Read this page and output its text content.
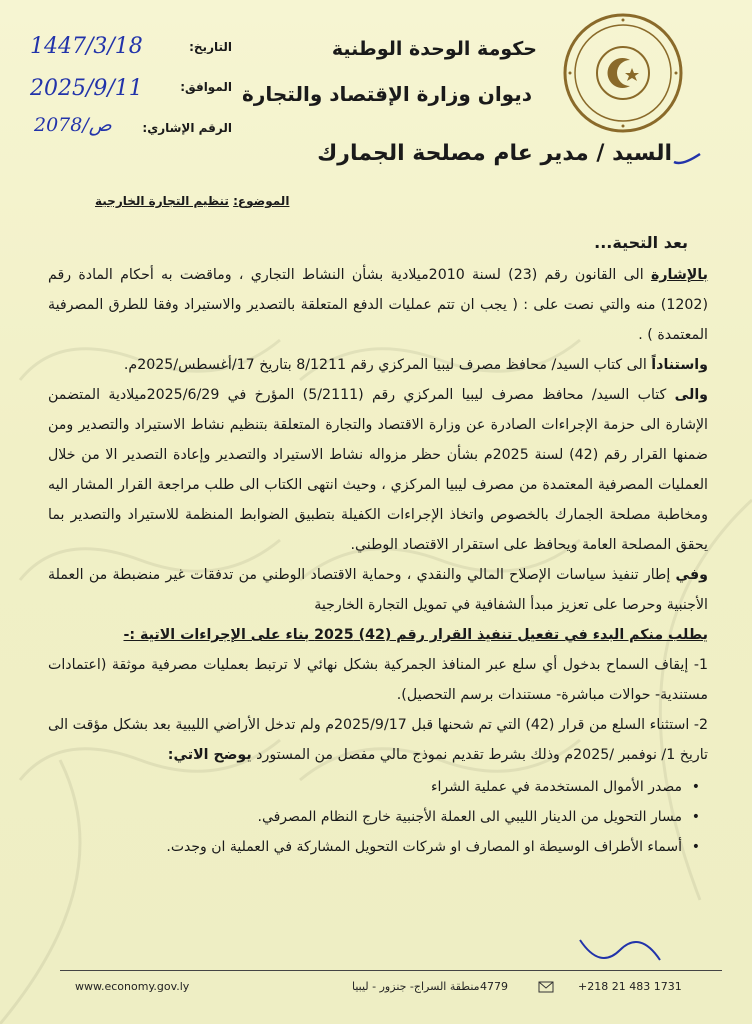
حكومة الوحدة الوطنية
ديوان وزارة الإقتصاد والتجارة
التاريخ:
الموافق:
الرقم الإشاري:
1447/3/18
2025/9/11
2078/ص
السيد / مدير عام مصلحة الجمارك
الموضوع: تنظيم التجارة الخارجية

بعد التحية...

بالإشارة الى القانون رقم (23) لسنة 2010ميلادية بشأن النشاط التجاري ، وماقضت به أحكام المادة رقم (1202) منه والتي نصت على : ( يجب ان تتم عمليات الدفع المتعلقة بالتصدير والاستيراد وفقا للطرق المصرفية المعتمدة ) .

واستناداً الى كتاب السيد/ محافظ مصرف ليبيا المركزي رقم 8/1211 بتاريخ 17/أغسطس/2025م.

والى كتاب السيد/ محافظ مصرف ليبيا المركزي رقم (5/2111) المؤرخ في 2025/6/29ميلادية المتضمن الإشارة الى حزمة الإجراءات الصادرة عن وزارة الاقتصاد والتجارة المتعلقة بتنظيم نشاط الاستيراد والتصدير ومن ضمنها القرار رقم (42) لسنة 2025م بشأن حظر مزواله نشاط الاستيراد والتصدير وإعادة التصدير الا من خلال العمليات المصرفية المعتمدة من مصرف ليبيا المركزي ، وحيث انتهى الكتاب الى طلب مراجعة القرار المشار اليه ومخاطبة مصلحة الجمارك بالخصوص واتخاذ الإجراءات الكفيلة بتطبيق الضوابط المنظمة للاستيراد والتصدير بما يحقق المصلحة العامة ويحافظ على استقرار الاقتصاد الوطني.

وفي إطار تنفيذ سياسات الإصلاح المالي والنقدي ، وحماية الاقتصاد الوطني من تدفقات غير منضبطة من العملة الأجنبية وحرصا على تعزيز مبدأ الشفافية في تمويل التجارة الخارجية

يطلب منكم البدء في تفعيل تنفيذ القرار رقم (42) 2025 بناء على الإجراءات الاتية :-

1- إيقاف السماح بدخول أي سلع عبر المنافذ الجمركية بشكل نهائي لا ترتبط بعمليات مصرفية موثقة (اعتمادات مستندية- حوالات مباشرة- مستندات برسم التحصيل).

2- استثناء السلع من قرار (42) التي تم شحنها قبل 2025/9/17م ولم تدخل الأراضي الليبية بعد بشكل مؤقت الى تاريخ 1/ نوفمبر /2025م وذلك بشرط تقديم نموذج مالي مفصل من المستورد يوضح الاتي:

• مصدر الأموال المستخدمة في عملية الشراء
• مسار التحويل من الدينار الليبي الى العملة الأجنبية خارج النظام المصرفي.
• أسماء الأطراف الوسيطة او المصارف او شركات التحويل المشاركة في العملية ان وجدت.
www.economy.gov.ly	منطقة السراج- جنزور - ليبيا 4779	+218 21 483 1731
